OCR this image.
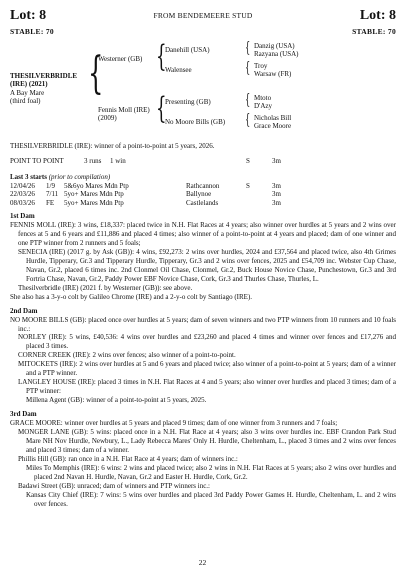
Lot: 8	FROM BENDEMEERE STUD	Lot: 8
STABLE: 70	STABLE: 70
THESILVERBRIDLE
(IRE) (2021)
A Bay Mare
(third foal)
{
Westerner (GB)
Fennis Moll (IRE)
(2009)
{
{
Danehill (USA)
Walensee
Presenting (GB)
No Moore Bills (GB)
{
{
{
{
Danzig (USA)
Razyana (USA)
Troy
Warsaw (FR)
Mtoto
D'Azy
Nicholas Bill
Grace Moore

THESILVERBRIDLE (IRE): winner of a point-to-point at 5 years, 2026.

POINT TO POINT	3 runs 1 win	S	3m
Last 3 starts (prior to compilation)
12/04/26 1/9 5&6yo Mares Mdn Ptp	Rathcannon	S	3m
22/03/26 7/11 5yo+ Mares Mdn Ptp	Ballynoe	3m
08/03/26 FE 5yo+ Mares Mdn Ptp	Castlelands	3m
1st Dam

FENNIS MOLL (IRE): 3 wins, £18,337: placed twice in N.H. Flat Races at 4 years; also winner over hurdles at 5 years and 2 wins over fences at 5 and 6 years and £11,886 and placed 4 times; also winner of a point-to-point at 4 years and placed; dam of one winner and one PTP winner from 2 runners and 5 foals;

SENECIA (IRE) (2017 g. by Ask (GB)): 4 wins, £92,273: 2 wins over hurdles, 2024 and £37,564 and placed twice, also 4th Grimes Hurdle, Tipperary, Gr.3 and Tipperary Hurdle, Tipperary, Gr.3 and 2 wins over fences, 2025 and £54,709 inc. Webster Cup Chase, Navan, Gr.2, placed 6 times inc. 2nd Clonmel Oil Chase, Clonmel, Gr.2, Buck House Novice Chase, Punchestown, Gr.3 and 3rd Fortria Chase, Navan, Gr.2, Paddy Power EBF Novice Chase, Cork, Gr.3 and Thurles Chase, Thurles, L.

Thesilverbridle (IRE) (2021 f. by Westerner (GB)): see above.

She also has a 3-y-o colt by Galileo Chrome (IRE) and a 2-y-o colt by Santiago (IRE).

2nd Dam

NO MOORE BILLS (GB): placed once over hurdles at 5 years; dam of seven winners and two PTP winners from 10 runners and 10 foals inc.:

NORLEY (IRE): 5 wins, £40,536: 4 wins over hurdles and £23,260 and placed 4 times and winner over fences and £17,276 and placed 3 times.

CORNER CREEK (IRE): 2 wins over fences; also winner of a point-to-point.

MITOCKETS (IRE): 2 wins over hurdles at 5 and 6 years and placed twice; also winner of a point-to-point at 5 years; dam of a winner and a PTP winner.

LANGLEY HOUSE (IRE): placed 3 times in N.H. Flat Races at 4 and 5 years; also winner over hurdles and placed 3 times; dam of a PTP winner:

Millena Agent (GB): winner of a point-to-point at 5 years, 2025.

3rd Dam

GRACE MOORE: winner over hurdles at 5 years and placed 9 times; dam of one winner from 3 runners and 7 foals;

MONGER LANE (GB): 5 wins: placed once in a N.H. Flat Race at 4 years; also 3 wins over hurdles inc. EBF Crandon Park Stud Mare NH Nov Hurdle, Newbury, L., Lady Rebecca Mares' Only H. Hurdle, Cheltenham, L., placed 3 times and 2 wins over fences and placed 3 times; dam of a winner.

Phillis Hill (GB): ran once in a N.H. Flat Race at 4 years; dam of winners inc.:

Miles To Memphis (IRE): 6 wins: 2 wins and placed twice; also 2 wins in N.H. Flat Races at 5 years; also 2 wins over hurdles and placed 2nd Navan H. Hurdle, Navan, Gr.2 and Easter H. Hurdle, Cork, Gr.2.

Badawi Street (GB): unraced; dam of winners and PTP winners inc.:

Kansas City Chief (IRE): 7 wins: 5 wins over hurdles and placed 3rd Paddy Power Games H. Hurdle, Cheltenham, L. and 2 wins over fences.

22
